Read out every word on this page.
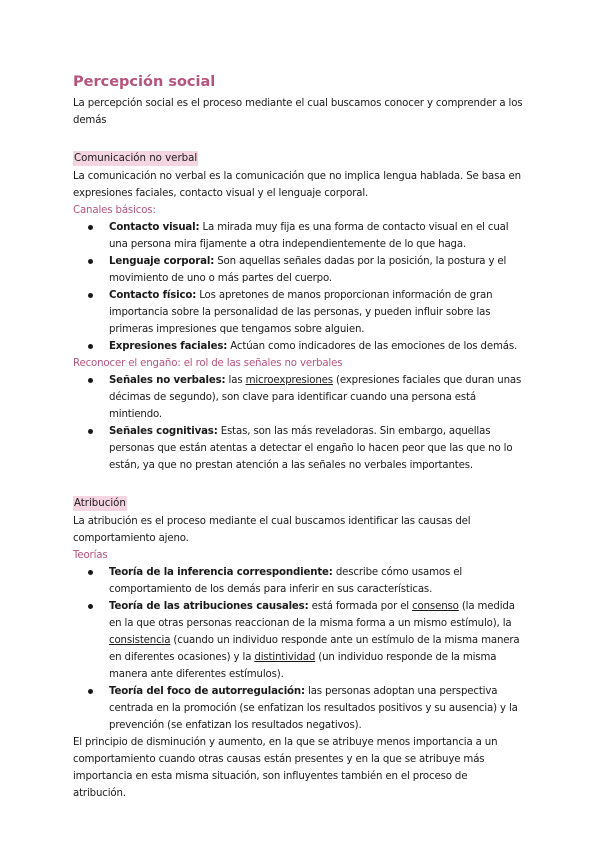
Percepción social

La percepción social es el proceso mediante el cual buscamos conocer y comprender a los demás

Comunicación no verbal

La comunicación no verbal es la comunicación que no implica lengua hablada. Se basa en expresiones faciales, contacto visual y el lenguaje corporal.

Canales básicos:

Contacto visual: La mirada muy fija es una forma de contacto visual en el cual una persona mira fijamente a otra independientemente de lo que haga.
Lenguaje corporal: Son aquellas señales dadas por la posición, la postura y el movimiento de uno o más partes del cuerpo.
Contacto físico: Los apretones de manos proporcionan información de gran importancia sobre la personalidad de las personas, y pueden influir sobre las primeras impresiones que tengamos sobre alguien.
Expresiones faciales: Actúan como indicadores de las emociones de los demás.

Reconocer el engaño: el rol de las señales no verbales

Señales no verbales: las microexpresiones (expresiones faciales que duran unas décimas de segundo), son clave para identificar cuando una persona está mintiendo.
Señales cognitivas: Estas, son las más reveladoras. Sin embargo, aquellas personas que están atentas a detectar el engaño lo hacen peor que las que no lo están, ya que no prestan atención a las señales no verbales importantes.
Atribución

La atribución es el proceso mediante el cual buscamos identificar las causas del comportamiento ajeno.

Teorías

Teoría de la inferencia correspondiente: describe cómo usamos el comportamiento de los demás para inferir en sus características.
Teoría de las atribuciones causales: está formada por el consenso (la medida en la que otras personas reaccionan de la misma forma a un mismo estímulo), la consistencia (cuando un individuo responde ante un estímulo de la misma manera en diferentes ocasiones) y la distintividad (un individuo responde de la misma manera ante diferentes estímulos).
Teoría del foco de autorregulación: las personas adoptan una perspectiva centrada en la promoción (se enfatizan los resultados positivos y su ausencia) y la prevención (se enfatizan los resultados negativos).

El principio de disminución y aumento, en la que se atribuye menos importancia a un comportamiento cuando otras causas están presentes y en la que se atribuye más importancia en esta misma situación, son influyentes también en el proceso de atribución.
